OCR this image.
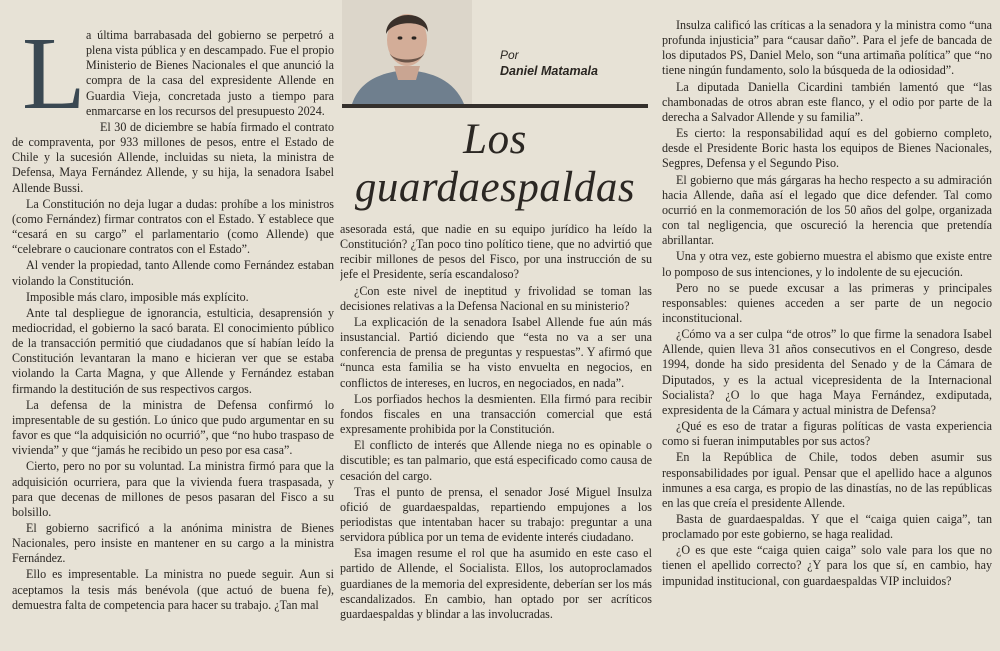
L a última barrabasada del gobierno se perpetró a plena vista pública y en descampado. Fue el propio Ministerio de Bienes Nacionales el que anunció la compra de la casa del expresidente Allende en Guardia Vieja, concretada justo a tiempo para enmarcarse en los recursos del presupuesto 2024.

El 30 de diciembre se había firmado el contrato de compraventa, por 933 millones de pesos, entre el Estado de Chile y la sucesión Allende, incluidas su nieta, la ministra de Defensa, Maya Fernández Allende, y su hija, la senadora Isabel Allende Bussi.

La Constitución no deja lugar a dudas: prohíbe a los ministros (como Fernández) firmar contratos con el Estado. Y establece que “cesará en su cargo” el parlamentario (como Allende) que “celebrare o caucionare contratos con el Estado”.

Al vender la propiedad, tanto Allende como Fernández estaban violando la Constitución.

Imposible más claro, imposible más explícito.

Ante tal despliegue de ignorancia, estulticia, desaprensión y mediocridad, el gobierno la sacó barata. El conocimiento público de la transacción permitió que ciudadanos que sí habían leído la Constitución levantaran la mano e hicieran ver que se estaba violando la Carta Magna, y que Allende y Fernández estaban firmando la destitución de sus respectivos cargos.

La defensa de la ministra de Defensa confirmó lo impresentable de su gestión. Lo único que pudo argumentar en su favor es que “la adquisición no ocurrió”, que “no hubo traspaso de vivienda” y que “jamás he recibido un peso por esa casa”.

Cierto, pero no por su voluntad. La ministra firmó para que la adquisición ocurriera, para que la vivienda fuera traspasada, y para que decenas de millones de pesos pasaran del Fisco a su bolsillo.

El gobierno sacrificó a la anónima ministra de Bienes Nacionales, pero insiste en mantener en su cargo a la ministra Fernández.

Ello es impresentable. La ministra no puede seguir. Aun si aceptamos la tesis más benévola (que actuó de buena fe), demuestra falta de competencia para hacer su trabajo. ¿Tan mal

Por
Daniel Matamala
Los
guardaespaldas

asesorada está, que nadie en su equipo jurídico ha leído la Constitución? ¿Tan poco tino político tiene, que no advirtió que recibir millones de pesos del Fisco, por una instrucción de su jefe el Presidente, sería escandaloso?

¿Con este nivel de ineptitud y frivolidad se toman las decisiones relativas a la Defensa Nacional en su ministerio?

La explicación de la senadora Isabel Allende fue aún más insustancial. Partió diciendo que “esta no va a ser una conferencia de prensa de preguntas y respuestas”. Y afirmó que “nunca esta familia se ha visto envuelta en negocios, en conflictos de intereses, en lucros, en negociados, en nada”.

Los porfiados hechos la desmienten. Ella firmó para recibir fondos fiscales en una transacción comercial que está expresamente prohibida por la Constitución.

El conflicto de interés que Allende niega no es opinable o discutible; es tan palmario, que está especificado como causa de cesación del cargo.

Tras el punto de prensa, el senador José Miguel Insulza ofició de guardaespaldas, repartiendo empujones a los periodistas que intentaban hacer su trabajo: preguntar a una servidora pública por un tema de evidente interés ciudadano.

Esa imagen resume el rol que ha asumido en este caso el partido de Allende, el Socialista. Ellos, los autoproclamados guardianes de la memoria del expresidente, deberían ser los más escandalizados. En cambio, han optado por ser acríticos guardaespaldas y blindar a las involucradas.

Insulza calificó las críticas a la senadora y la ministra como “una profunda injusticia” para “causar daño”. Para el jefe de bancada de los diputados PS, Daniel Melo, son “una artimaña política” que “no tiene ningún fundamento, solo la búsqueda de la odiosidad”.

La diputada Daniella Cicardini también lamentó que “las chambonadas de otros abran este flanco, y el odio por parte de la derecha a Salvador Allende y su familia”.

Es cierto: la responsabilidad aquí es del gobierno completo, desde el Presidente Boric hasta los equipos de Bienes Nacionales, Segpres, Defensa y el Segundo Piso.

El gobierno que más gárgaras ha hecho respecto a su admiración hacia Allende, daña así el legado que dice defender. Tal como ocurrió en la conmemoración de los 50 años del golpe, organizada con tal negligencia, que oscureció la herencia que pretendía abrillantar.

Una y otra vez, este gobierno muestra el abismo que existe entre lo pomposo de sus intenciones, y lo indolente de su ejecución.

Pero no se puede excusar a las primeras y principales responsables: quienes acceden a ser parte de un negocio inconstitucional.

¿Cómo va a ser culpa “de otros” lo que firme la senadora Isabel Allende, quien lleva 31 años consecutivos en el Congreso, desde 1994, donde ha sido presidenta del Senado y de la Cámara de Diputados, y es la actual vicepresidenta de la Internacional Socialista? ¿O lo que haga Maya Fernández, exdiputada, expresidenta de la Cámara y actual ministra de Defensa?

¿Qué es eso de tratar a figuras políticas de vasta experiencia como si fueran inimputables por sus actos?

En la República de Chile, todos deben asumir sus responsabilidades por igual. Pensar que el apellido hace a algunos inmunes a esa carga, es propio de las dinastías, no de las repúblicas en las que creía el presidente Allende.

Basta de guardaespaldas. Y que el “caiga quien caiga”, tan proclamado por este gobierno, se haga realidad.

¿O es que este “caiga quien caiga” solo vale para los que no tienen el apellido correcto? ¿Y para los que sí, en cambio, hay impunidad institucional, con guardaespaldas VIP incluidos?
